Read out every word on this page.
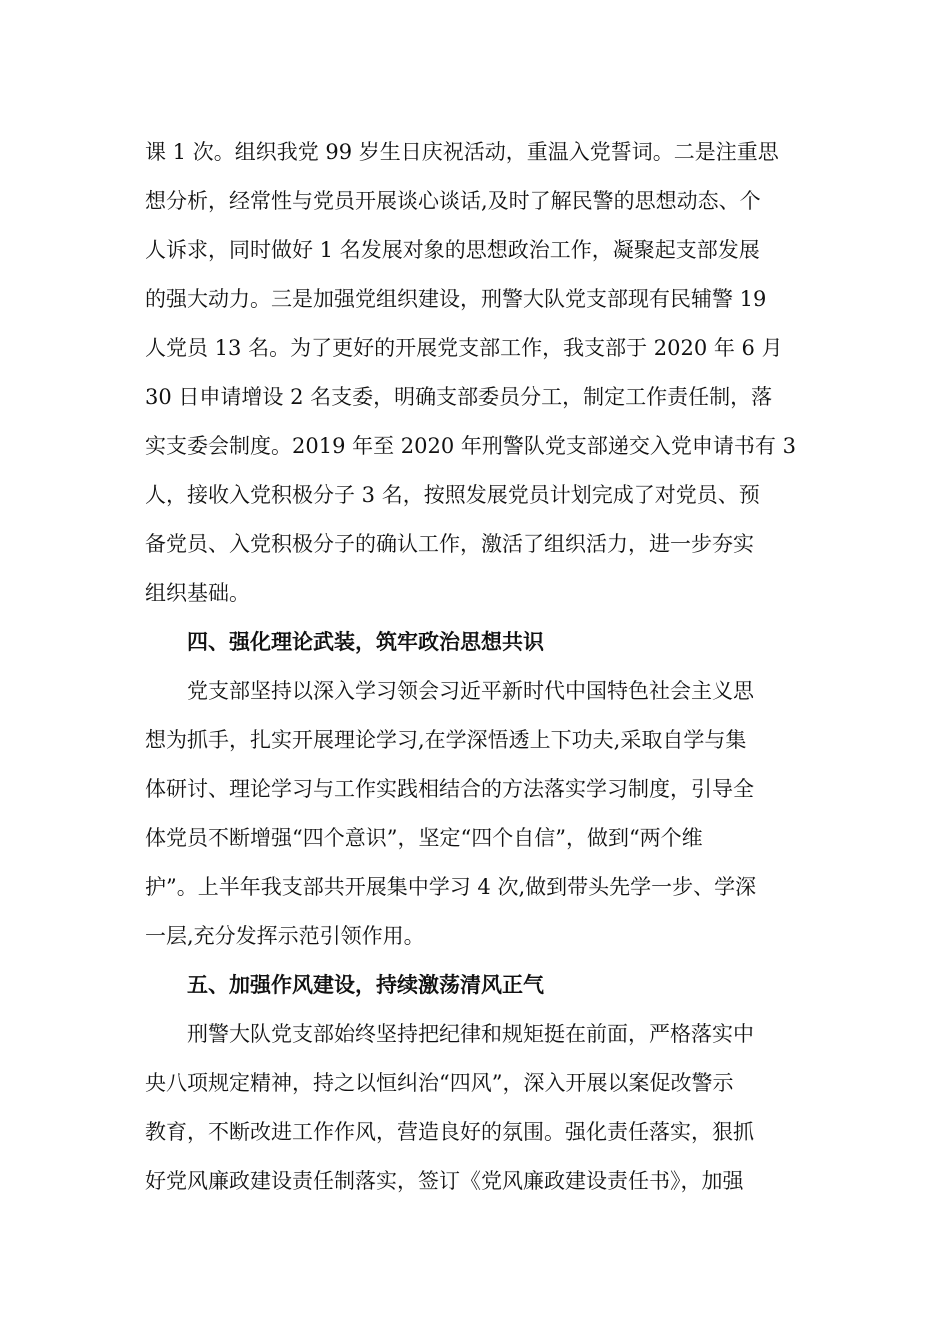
课 1 次。组织我党 99 岁生日庆祝活动，重温入党誓词。二是注重思
想分析，经常性与党员开展谈心谈话,及时了解民警的思想动态、个
人诉求，同时做好 1 名发展对象的思想政治工作，凝聚起支部发展
的强大动力。三是加强党组织建设，刑警大队党支部现有民辅警 19
人党员 13 名。为了更好的开展党支部工作，我支部于 2020 年 6 月
30 日申请增设 2 名支委，明确支部委员分工，制定工作责任制，落
实支委会制度。2019 年至 2020 年刑警队党支部递交入党申请书有 3
人，接收入党积极分子 3 名，按照发展党员计划完成了对党员、预
备党员、入党积极分子的确认工作，激活了组织活力，进一步夯实
组织基础。
四、强化理论武装，筑牢政治思想共识
党支部坚持以深入学习领会习近平新时代中国特色社会主义思
想为抓手，扎实开展理论学习,在学深悟透上下功夫,采取自学与集
体研讨、理论学习与工作实践相结合的方法落实学习制度，引导全
体党员不断增强“四个意识”，坚定“四个自信”，做到“两个维
护”。上半年我支部共开展集中学习 4 次,做到带头先学一步、学深
一层,充分发挥示范引领作用。
五、加强作风建设，持续激荡清风正气
刑警大队党支部始终坚持把纪律和规矩挺在前面，严格落实中
央八项规定精神，持之以恒纠治“四风”，深入开展以案促改警示
教育，不断改进工作作风，营造良好的氛围。强化责任落实，狠抓
好党风廉政建设责任制落实，签订《党风廉政建设责任书》，加强
